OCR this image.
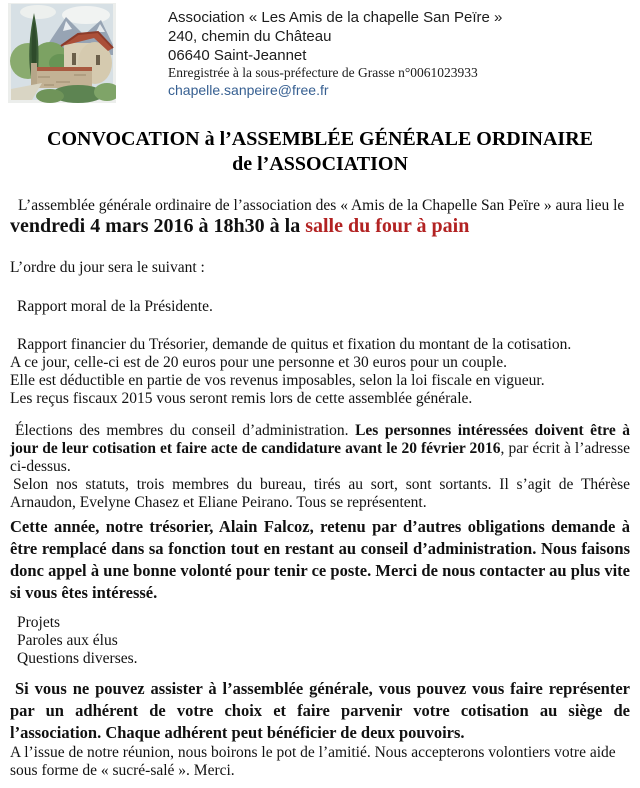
Association « Les Amis de la chapelle San Peïre »
240, chemin du Château
06640 Saint-Jeannet
Enregistrée à la sous-préfecture de Grasse n°0061023933
chapelle.sanpeire@free.fr
CONVOCATION à l’ASSEMBLÉE GÉNÉRALE ORDINAIRE
de l’ASSOCIATION

L’assemblée générale ordinaire de l’association des « Amis de la Chapelle San Peïre » aura lieu le vendredi 4 mars 2016 à 18h30 à la salle du four à pain

L’ordre du jour sera le suivant :

Rapport moral de la Présidente.

Rapport financier du Trésorier, demande de quitus et fixation du montant de la cotisation.
A ce jour, celle-ci est de 20 euros pour une personne et 30 euros pour un couple.
Elle est déductible en partie de vos revenus imposables, selon la loi fiscale en vigueur.
Les reçus fiscaux 2015 vous seront remis lors de cette assemblée générale.

Élections des membres du conseil d’administration. Les personnes intéressées doivent être à jour de leur cotisation et faire acte de candidature avant le 20 février 2016, par écrit à l’adresse ci-dessus.

Selon nos statuts, trois membres du bureau, tirés au sort, sont sortants. Il s’agit de Thérèse Arnaudon, Evelyne Chasez et Eliane Peirano. Tous se représentent.

Cette année, notre trésorier, Alain Falcoz, retenu par d’autres obligations demande à être remplacé dans sa fonction tout en restant au conseil d’administration. Nous faisons donc appel à une bonne volonté pour tenir ce poste. Merci de nous contacter au plus vite si vous êtes intéressé.

Projets

Paroles aux élus

Questions diverses.

Si vous ne pouvez assister à l’assemblée générale, vous pouvez vous faire représenter par un adhérent de votre choix et faire parvenir votre cotisation au siège de l’association. Chaque adhérent peut bénéficier de deux pouvoirs.

A l’issue de notre réunion, nous boirons le pot de l’amitié. Nous accepterons volontiers votre aide sous forme de « sucré-salé ». Merci.
